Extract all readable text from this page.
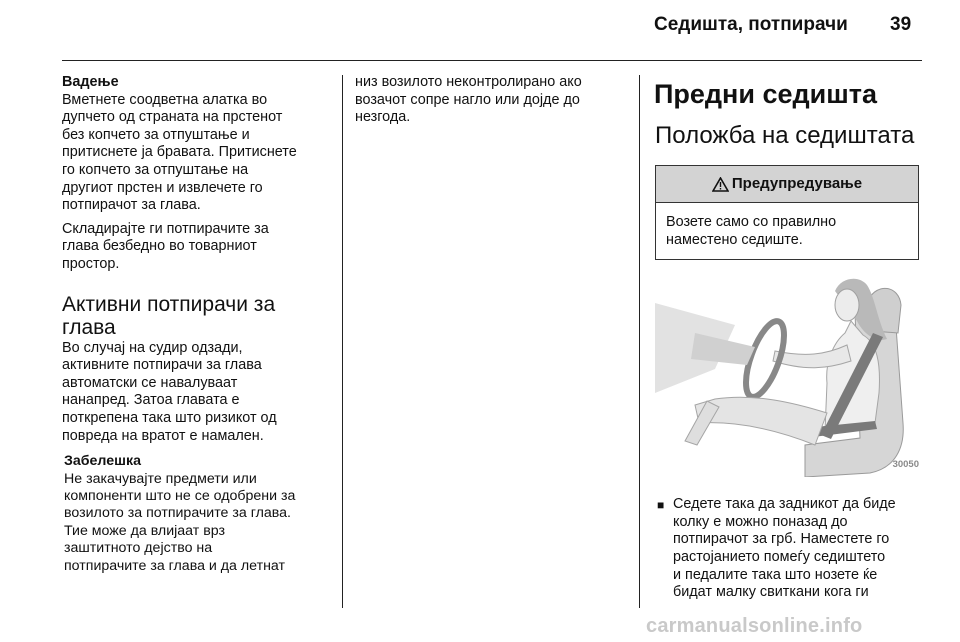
Седишта, потпирачи 39

Вадење

Вметнете соодветна алатка во

дупчето од страната на прстенот

без копчето за отпуштање и

притиснете ја бравата. Притиснете

го копчето за отпуштање на

другиот прстен и извлечете го

потпирачот за глава.

Складирајте ги потпирачите за

глава безбедно во товарниот

простор.

Активни потпирачи за

глава

Во случај на судир одзади,

активните потпирачи за глава

автоматски се навалуваат

нанапред. Затоа главата е

поткрепена така што ризикот од

повреда на вратот е намален.

Забелешка

Не закачувајте предмети или

компоненти што не се одобрени за

возилото за потпирачите за глава.

Тие може да влијаат врз

заштитното дејство на

потпирачите за глава и да летнат

низ возилото неконтролирано ако

возачот сопре нагло или дојде до

незгода.

Предни седишта

Положба на седиштата

Предупредување

Возете само со правилно

наместено седиште.

30050
■ Седете така да задникот да биде

колку е можно поназад до

потпирачот за грб. Наместете го

растојанието помеѓу седиштето

и педалите така што нозете ќе

бидат малку свиткани кога ги

carmanualsonline.info
